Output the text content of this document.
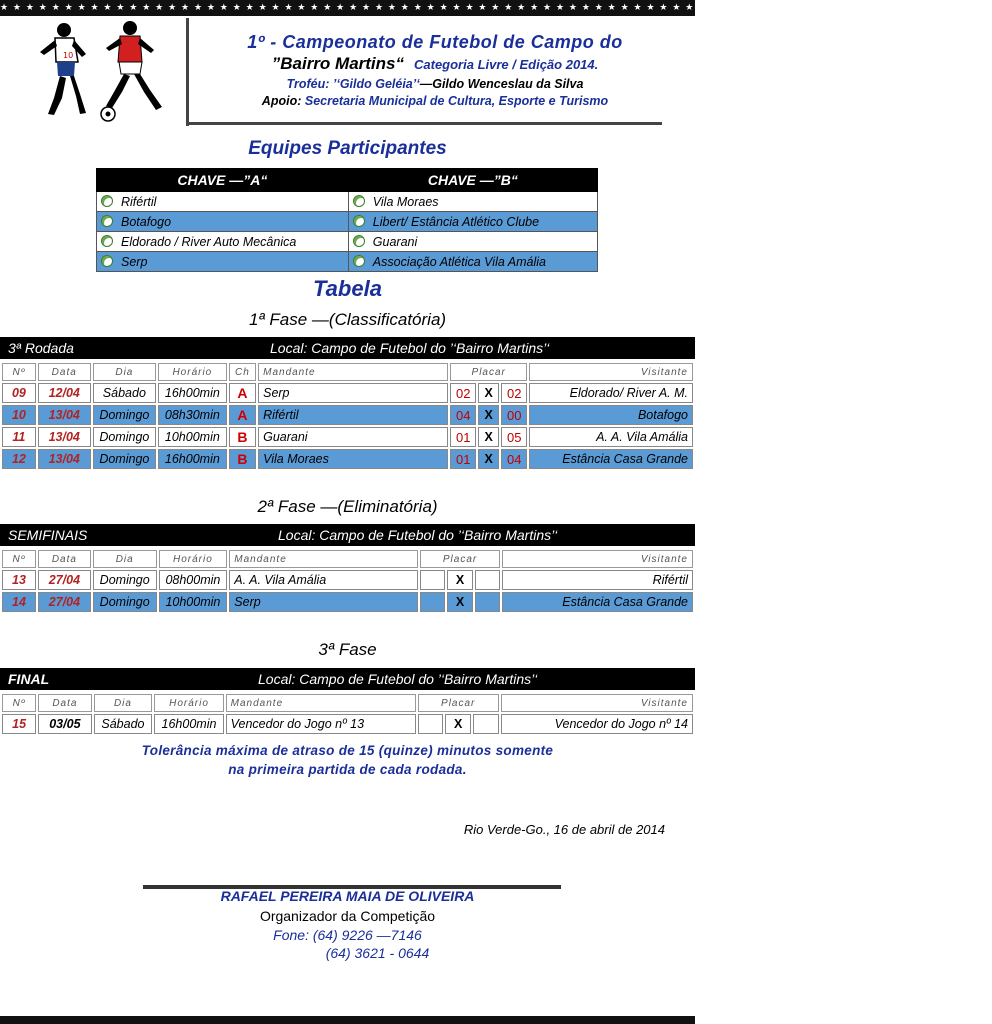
★ ★ ★ ★ ★ ★ ★ ★ ★ ★ ★ ★ ★ ★ ★ ★ ★ ★ ★ ★ ★ ★ ★ ★ ★ ★ ★ ★ ★ ★ ★ ★ ★ ★ ★ ★ ★ ★ ★ ★ ★ ★ ★ ★ ★ ★ ★ ★ ★ ★ ★ ★ ★ ★ ★ ★ ★ ★ ★ ★ ★ ★ ★ ★ ★ ★ ★ ★ ★ ★ ★ ★ ★ ★ ★ ★ ★
10
1º - Campeonato de Futebol de Campo do
”Bairro Martins“ Categoria Livre / Edição 2014.
Troféu: ’‘Gildo Geléia’‘—Gildo Wenceslau da Silva
Apoio: Secretaria Municipal de Cultura, Esporte e Turismo
Equipes Participantes
CHAVE —”A“	CHAVE —”B“
Rifértil	Vila Moraes
Botafogo	Libert/ Estância Atlético Clube
Eldorado / River Auto Mecânica	Guarani
Serp	Associação Atlética Vila Amália
Tabela
1ª Fase —(Classificatória)
3ª Rodada	Local: Campo de Futebol do ’‘Bairro Martins’‘
Nº	Data	Dia	Horário	Ch	Mandante	Placar			Visitante
09	12/04	Sábado	16h00min	A	Serp	02	X	02	Eldorado/ River A. M.
10	13/04	Domingo	08h30min	A	Rifértil	04	X	00	Botafogo
11	13/04	Domingo	10h00min	B	Guarani	01	X	05	A. A. Vila Amália
12	13/04	Domingo	16h00min	B	Vila Moraes	01	X	04	Estância Casa Grande
2ª Fase —(Eliminatória)
SEMIFINAIS	Local: Campo de Futebol do ’‘Bairro Martins’‘
Nº	Data	Dia	Horário	Mandante	Placar			Visitante
13	27/04	Domingo	08h00min	A. A. Vila Amália		X		Rifértil
14	27/04	Domingo	10h00min	Serp		X		Estância Casa Grande
3ª Fase
FINAL	Local: Campo de Futebol do ’‘Bairro Martins’‘
Nº	Data	Dia	Horário	Mandante	Placar			Visitante
15	03/05	Sábado	16h00min	Vencedor do Jogo nº 13		X		Vencedor do Jogo nº 14
Tolerância máxima de atraso de 15 (quinze) minutos somente
na primeira partida de cada rodada.
Rio Verde-Go., 16 de abril de 2014
RAFAEL PEREIRA MAIA DE OLIVEIRA
Organizador da Competição
Fone: (64) 9226 —7146
(64) 3621 - 0644
